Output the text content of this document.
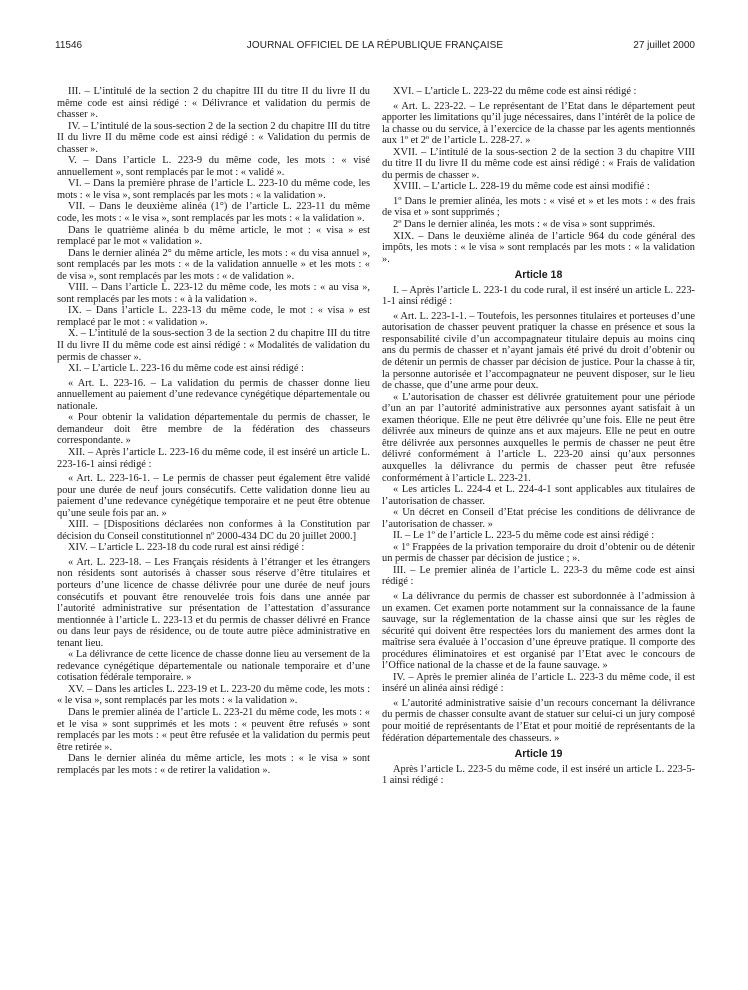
11546	JOURNAL OFFICIEL DE LA RÉPUBLIQUE FRANÇAISE	27 juillet 2000

III. – L’intitulé de la section 2 du chapitre III du titre II du livre II du même code est ainsi rédigé : « Délivrance et validation du permis de chasser ».

IV. – L’intitulé de la sous-section 2 de la section 2 du chapitre III du titre II du livre II du même code est ainsi rédigé : « Validation du permis de chasser ».

V. – Dans l’article L. 223-9 du même code, les mots : « visé annuellement », sont remplacés par le mot : « validé ».

VI. – Dans la première phrase de l’article L. 223-10 du même code, les mots : « le visa », sont remplacés par les mots : « la validation ».

VII. – Dans le deuxième alinéa (1°) de l’article L. 223-11 du même code, les mots : « le visa », sont remplacés par les mots : « la validation ».

Dans le quatrième alinéa b du même article, le mot : « visa » est remplacé par le mot « validation ».

Dans le dernier alinéa 2° du même article, les mots : « du visa annuel », sont remplacés par les mots : « de la validation annuelle » et les mots : « de visa », sont remplacés par les mots : « de validation ».

VIII. – Dans l’article L. 223-12 du même code, les mots : « au visa », sont remplacés par les mots : « à la validation ».

IX. – Dans l’article L. 223-13 du même code, le mot : « visa » est remplacé par le mot : « validation ».

X. – L’intitulé de la sous-section 3 de la section 2 du chapitre III du titre II du livre II du même code est ainsi rédigé : « Modalités de validation du permis de chasser ».

XI. – L’article L. 223-16 du même code est ainsi rédigé :

« Art. L. 223-16. – La validation du permis de chasser donne lieu annuellement au paiement d’une redevance cynégétique départementale ou nationale.

« Pour obtenir la validation départementale du permis de chasser, le demandeur doit être membre de la fédération des chasseurs correspondante. »

XII. – Après l’article L. 223-16 du même code, il est inséré un article L. 223-16-1 ainsi rédigé :

« Art. L. 223-16-1. – Le permis de chasser peut également être validé pour une durée de neuf jours consécutifs. Cette validation donne lieu au paiement d’une redevance cynégétique temporaire et ne peut être obtenue qu’une seule fois par an. »

XIII. – [Dispositions déclarées non conformes à la Constitution par décision du Conseil constitutionnel nº 2000-434 DC du 20 juillet 2000.]

XIV. – L’article L. 223-18 du code rural est ainsi rédigé :

« Art. L. 223-18. – Les Français résidents à l’étranger et les étrangers non résidents sont autorisés à chasser sous réserve d’être titulaires et porteurs d’une licence de chasse délivrée pour une durée de neuf jours consécutifs et pouvant être renouvelée trois fois dans une année par l’autorité administrative sur présentation de l’attestation d’assurance mentionnée à l’article L. 223-13 et du permis de chasser délivré en France ou dans leur pays de résidence, ou de toute autre pièce administrative en tenant lieu.

« La délivrance de cette licence de chasse donne lieu au versement de la redevance cynégétique départementale ou nationale temporaire et d’une cotisation fédérale temporaire. »

XV. – Dans les articles L. 223-19 et L. 223-20 du même code, les mots : « le visa », sont remplacés par les mots : « la validation ».

Dans le premier alinéa de l’article L. 223-21 du même code, les mots : « et le visa » sont supprimés et les mots : « peuvent être refusés » sont remplacés par les mots : « peut être refusée et la validation du permis peut être retirée ».

Dans le dernier alinéa du même article, les mots : « le visa » sont remplacés par les mots : « de retirer la validation ».

XVI. – L’article L. 223-22 du même code est ainsi rédigé :

« Art. L. 223-22. – Le représentant de l’Etat dans le département peut apporter les limitations qu’il juge nécessaires, dans l’intérêt de la police de la chasse ou du service, à l’exercice de la chasse par les agents mentionnés aux 1º et 2º de l’article L. 228-27. »

XVII. – L’intitulé de la sous-section 2 de la section 3 du chapitre VIII du titre II du livre II du même code est ainsi rédigé : « Frais de validation du permis de chasser ».

XVIII. – L’article L. 228-19 du même code est ainsi modifié :

1º Dans le premier alinéa, les mots : « visé et » et les mots : « des frais de visa et » sont supprimés ;

2º Dans le dernier alinéa, les mots : « de visa » sont supprimés.

XIX. – Dans le deuxième alinéa de l’article 964 du code général des impôts, les mots : « le visa » sont remplacés par les mots : « la validation ».

Article 18

I. – Après l’article L. 223-1 du code rural, il est inséré un article L. 223-1-1 ainsi rédigé :

« Art. L. 223-1-1. – Toutefois, les personnes titulaires et porteuses d’une autorisation de chasser peuvent pratiquer la chasse en présence et sous la responsabilité civile d’un accompagnateur titulaire depuis au moins cinq ans du permis de chasser et n’ayant jamais été privé du droit d’obtenir ou de détenir un permis de chasser par décision de justice. Pour la chasse à tir, la personne autorisée et l’accompagnateur ne peuvent disposer, sur le lieu de chasse, que d’une arme pour deux.

« L’autorisation de chasser est délivrée gratuitement pour une période d’un an par l’autorité administrative aux personnes ayant satisfait à un examen théorique. Elle ne peut être délivrée qu’une fois. Elle ne peut être délivrée aux mineurs de quinze ans et aux majeurs. Elle ne peut en outre être délivrée aux personnes auxquelles le permis de chasser ne peut être délivré conformément à l’article L. 223-20 ainsi qu’aux personnes auxquelles la délivrance du permis de chasser peut être refusée conformément à l’article L. 223-21.

« Les articles L. 224-4 et L. 224-4-1 sont applicables aux titulaires de l’autorisation de chasser.

« Un décret en Conseil d’Etat précise les conditions de délivrance de l’autorisation de chasser. »

II. – Le 1º de l’article L. 223-5 du même code est ainsi rédigé :

« 1º Frappées de la privation temporaire du droit d’obtenir ou de détenir un permis de chasser par décision de justice ; ».

III. – Le premier alinéa de l’article L. 223-3 du même code est ainsi rédigé :

« La délivrance du permis de chasser est subordonnée à l’admission à un examen. Cet examen porte notamment sur la connaissance de la faune sauvage, sur la réglementation de la chasse ainsi que sur les règles de sécurité qui doivent être respectées lors du maniement des armes dont la maîtrise sera évaluée à l’occasion d’une épreuve pratique. Il comporte des procédures éliminatoires et est organisé par l’Etat avec le concours de l’Office national de la chasse et de la faune sauvage. »

IV. – Après le premier alinéa de l’article L. 223-3 du même code, il est inséré un alinéa ainsi rédigé :

« L’autorité administrative saisie d’un recours concernant la délivrance du permis de chasser consulte avant de statuer sur celui-ci un jury composé pour moitié de représentants de l’Etat et pour moitié de représentants de la fédération départementale des chasseurs. »

Article 19

Après l’article L. 223-5 du même code, il est inséré un article L. 223-5-1 ainsi rédigé :
